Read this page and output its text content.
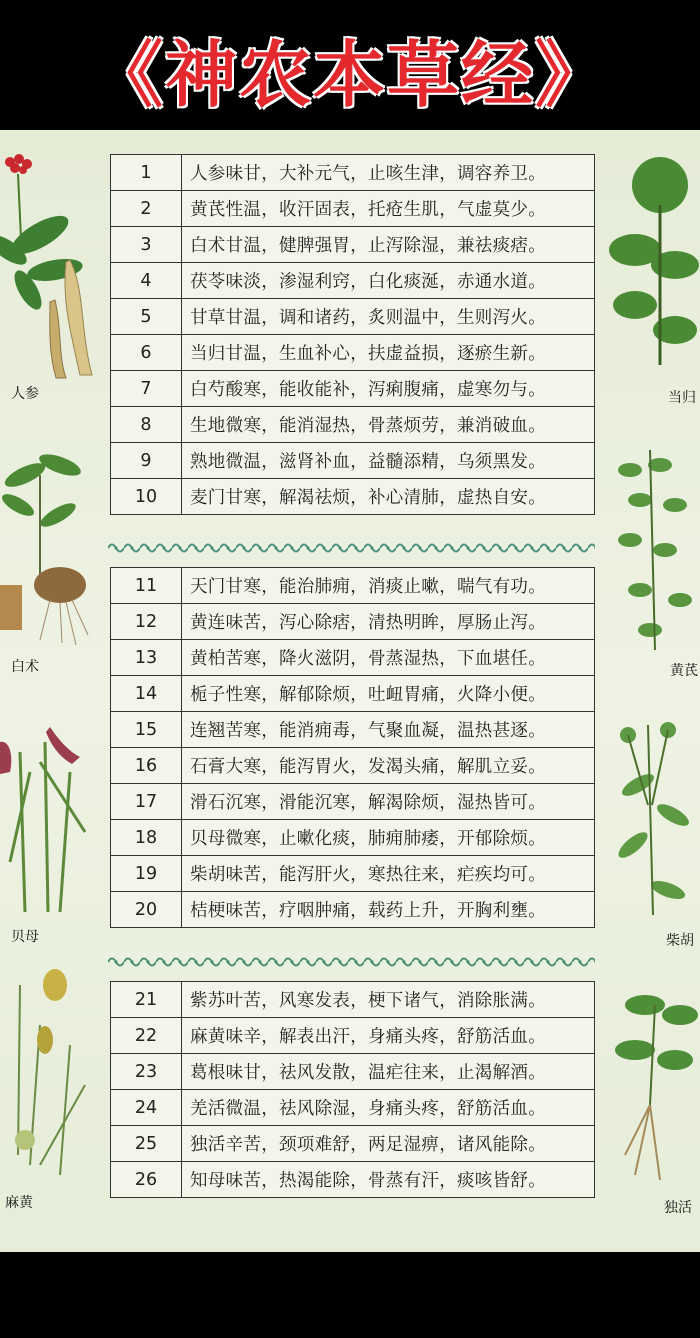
《神农本草经》
人参
白术
贝母
麻黄
当归
黄芪
柴胡
独活
1	人参味甘，大补元气，止咳生津，调容养卫。
2	黄芪性温，收汗固表，托疮生肌，气虚莫少。
3	白术甘温，健脾强胃，止泻除湿，兼祛痰痞。
4	茯苓味淡，渗湿利窍，白化痰涎，赤通水道。
5	甘草甘温，调和诸药，炙则温中，生则泻火。
6	当归甘温，生血补心，扶虚益损，逐瘀生新。
7	白芍酸寒，能收能补，泻痢腹痛，虚寒勿与。
8	生地微寒，能消湿热，骨蒸烦劳，兼消破血。
9	熟地微温，滋肾补血，益髓添精，乌须黑发。
10	麦门甘寒，解渴祛烦，补心清肺，虚热自安。
11	天门甘寒，能治肺痈，消痰止嗽，喘气有功。
12	黄连味苦，泻心除痞，清热明眸，厚肠止泻。
13	黄柏苦寒，降火滋阴，骨蒸湿热，下血堪任。
14	栀子性寒，解郁除烦，吐衄胃痛，火降小便。
15	连翘苦寒，能消痈毒，气聚血凝，温热甚逐。
16	石膏大寒，能泻胃火，发渴头痛，解肌立妥。
17	滑石沉寒，滑能沉寒，解渴除烦，湿热皆可。
18	贝母微寒，止嗽化痰，肺痈肺痿，开郁除烦。
19	柴胡味苦，能泻肝火，寒热往来，疟疾均可。
20	桔梗味苦，疗咽肿痛，载药上升，开胸利壅。
21	紫苏叶苦，风寒发表，梗下诸气，消除胀满。
22	麻黄味辛，解表出汗，身痛头疼，舒筋活血。
23	葛根味甘，祛风发散，温疟往来，止渴解酒。
24	羌活微温，祛风除湿，身痛头疼，舒筋活血。
25	独活辛苦，颈项难舒，两足湿痹，诸风能除。
26	知母味苦，热渴能除，骨蒸有汗，痰咳皆舒。
